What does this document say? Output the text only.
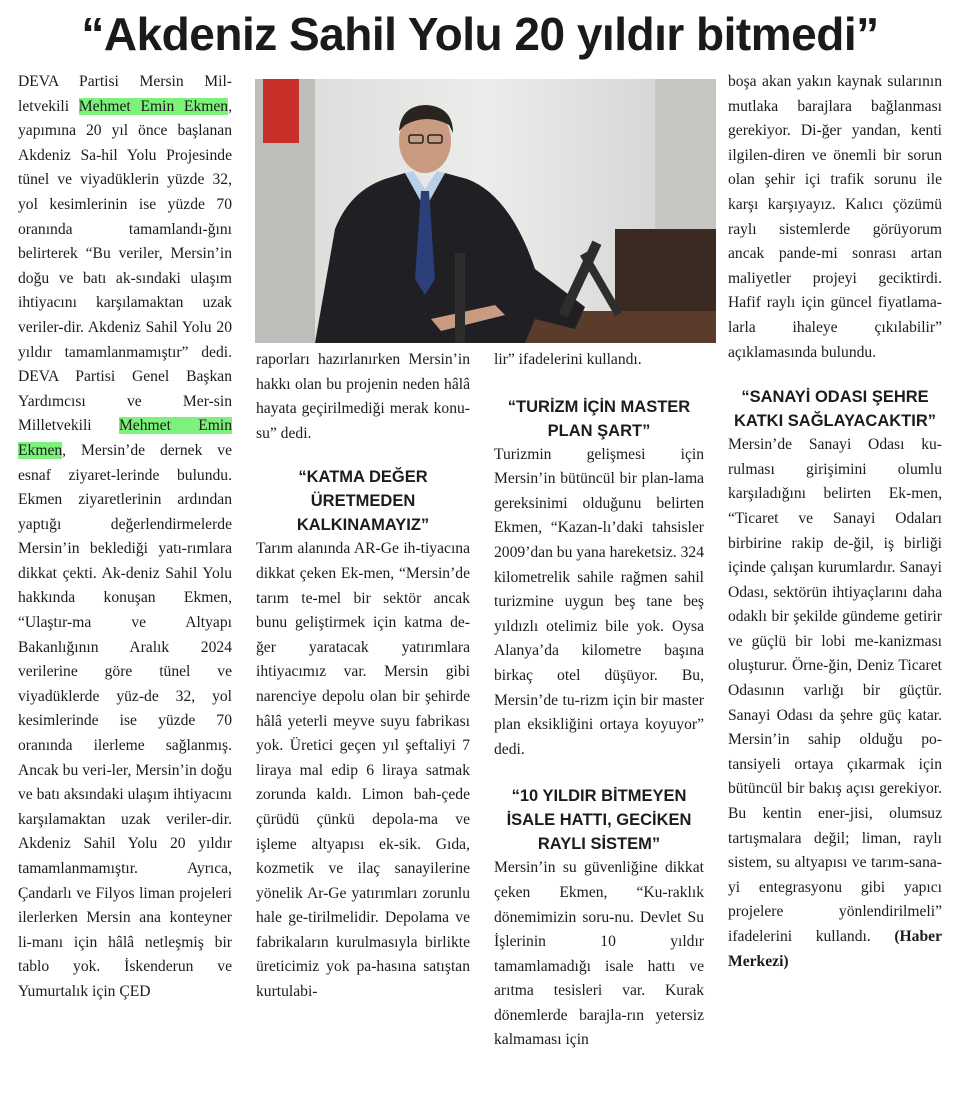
“Akdeniz Sahil Yolu 20 yıldır bitmedi”

DEVA Partisi Mersin Mil-letvekili Mehmet Emin Ekmen, yapımına 20 yıl önce başlanan Akdeniz Sa-hil Yolu Projesinde tünel ve viyadüklerin yüzde 32, yol kesimlerinin ise yüzde 70 oranında tamamlandı-ğını belirterek “Bu veriler, Mersin’in doğu ve batı ak-sındaki ulaşım ihtiyacını karşılamaktan uzak veriler-dir. Akdeniz Sahil Yolu 20 yıldır tamamlanmamıştır” dedi. DEVA Partisi Genel Başkan Yardımcısı ve Mer-sin Milletvekili Mehmet Emin Ekmen, Mersin’de dernek ve esnaf ziyaret-lerinde bulundu. Ekmen ziyaretlerinin ardından yaptığı değerlendirmelerde Mersin’in beklediği yatı-rımlara dikkat çekti. Ak-deniz Sahil Yolu hakkında konuşan Ekmen, “Ulaştır-ma ve Altyapı Bakanlığının Aralık 2024 verilerine göre tünel ve viyadüklerde yüz-de 32, yol kesimlerinde ise yüzde 70 oranında ilerleme sağlanmış. Ancak bu veri-ler, Mersin’in doğu ve batı aksındaki ulaşım ihtiyacını karşılamaktan uzak veriler-dir. Akdeniz Sahil Yolu 20 yıldır tamamlanmamıştır. Ayrıca, Çandarlı ve Filyos liman projeleri ilerlerken Mersin ana konteyner li-manı için hâlâ netleşmiş bir tablo yok. İskenderun ve Yumurtalık için ÇED

raporları hazırlanırken Mersin’in hakkı olan bu projenin neden hâlâ hayata geçirilmediği merak konu-su” dedi.

“KATMA DEĞER ÜRETMEDEN KALKINAMAYIZ”

Tarım alanında AR-Ge ih-tiyacına dikkat çeken Ek-men, “Mersin’de tarım te-mel bir sektör ancak bunu geliştirmek için katma de-ğer yaratacak yatırımlara ihtiyacımız var. Mersin gibi narenciye depolu olan bir şehirde hâlâ yeterli meyve suyu fabrikası yok. Üretici geçen yıl şeftaliyi 7 liraya mal edip 6 liraya satmak zorunda kaldı. Limon bah-çede çürüdü çünkü depola-ma ve işleme altyapısı ek-sik. Gıda, kozmetik ve ilaç sanayilerine yönelik Ar-Ge yatırımları zorunlu hale ge-tirilmelidir. Depolama ve fabrikaların kurulmasıyla birlikte üreticimiz yok pa-hasına satıştan kurtulabi-

lir” ifadelerini kullandı.

“TURİZM İÇİN MASTER PLAN ŞART”

Turizmin gelişmesi için Mersin’in bütüncül bir plan-lama gereksinimi olduğunu belirten Ekmen, “Kazan-lı’daki tahsisler 2009’dan bu yana hareketsiz. 324 kilometrelik sahile rağmen sahil turizmine uygun beş tane beş yıldızlı otelimiz bile yok. Oysa Alanya’da kilometre başına birkaç otel düşüyor. Bu, Mersin’de tu-rizm için bir master plan eksikliğini ortaya koyuyor” dedi.

“10 YILDIR BİTMEYEN İSALE HATTI, GECİKEN RAYLI SİSTEM”

Mersin’in su güvenliğine dikkat çeken Ekmen, “Ku-raklık dönemimizin soru-nu. Devlet Su İşlerinin 10 yıldır tamamlamadığı isale hattı ve arıtma tesisleri var. Kurak dönemlerde barajla-rın yetersiz kalmaması için

boşa akan yakın kaynak sularının mutlaka barajlara bağlanması gerekiyor. Di-ğer yandan, kenti ilgilen-diren ve önemli bir sorun olan şehir içi trafik sorunu ile karşı karşıyayız. Kalıcı çözümü raylı sistemlerde görüyorum ancak pande-mi sonrası artan maliyetler projeyi geciktirdi. Hafif raylı için güncel fiyatlama-larla ihaleye çıkılabilir” açıklamasında bulundu.

“SANAYİ ODASI ŞEHRE KATKI SAĞLAYACAKTIR”

Mersin’de Sanayi Odası ku-rulması girişimini olumlu karşıladığını belirten Ek-men, “Ticaret ve Sanayi Odaları birbirine rakip de-ğil, iş birliği içinde çalışan kurumlardır. Sanayi Odası, sektörün ihtiyaçlarını daha odaklı bir şekilde gündeme getirir ve güçlü bir lobi me-kanizması oluşturur. Örne-ğin, Deniz Ticaret Odasının varlığı bir güçtür. Sanayi Odası da şehre güç katar. Mersin’in sahip olduğu po-tansiyeli ortaya çıkarmak için bütüncül bir bakış açısı gerekiyor. Bu kentin ener-jisi, olumsuz tartışmalara değil; liman, raylı sistem, su altyapısı ve tarım-sana-yi entegrasyonu gibi yapıcı projelere yönlendirilmeli” ifadelerini kullandı. (Haber Merkezi)
